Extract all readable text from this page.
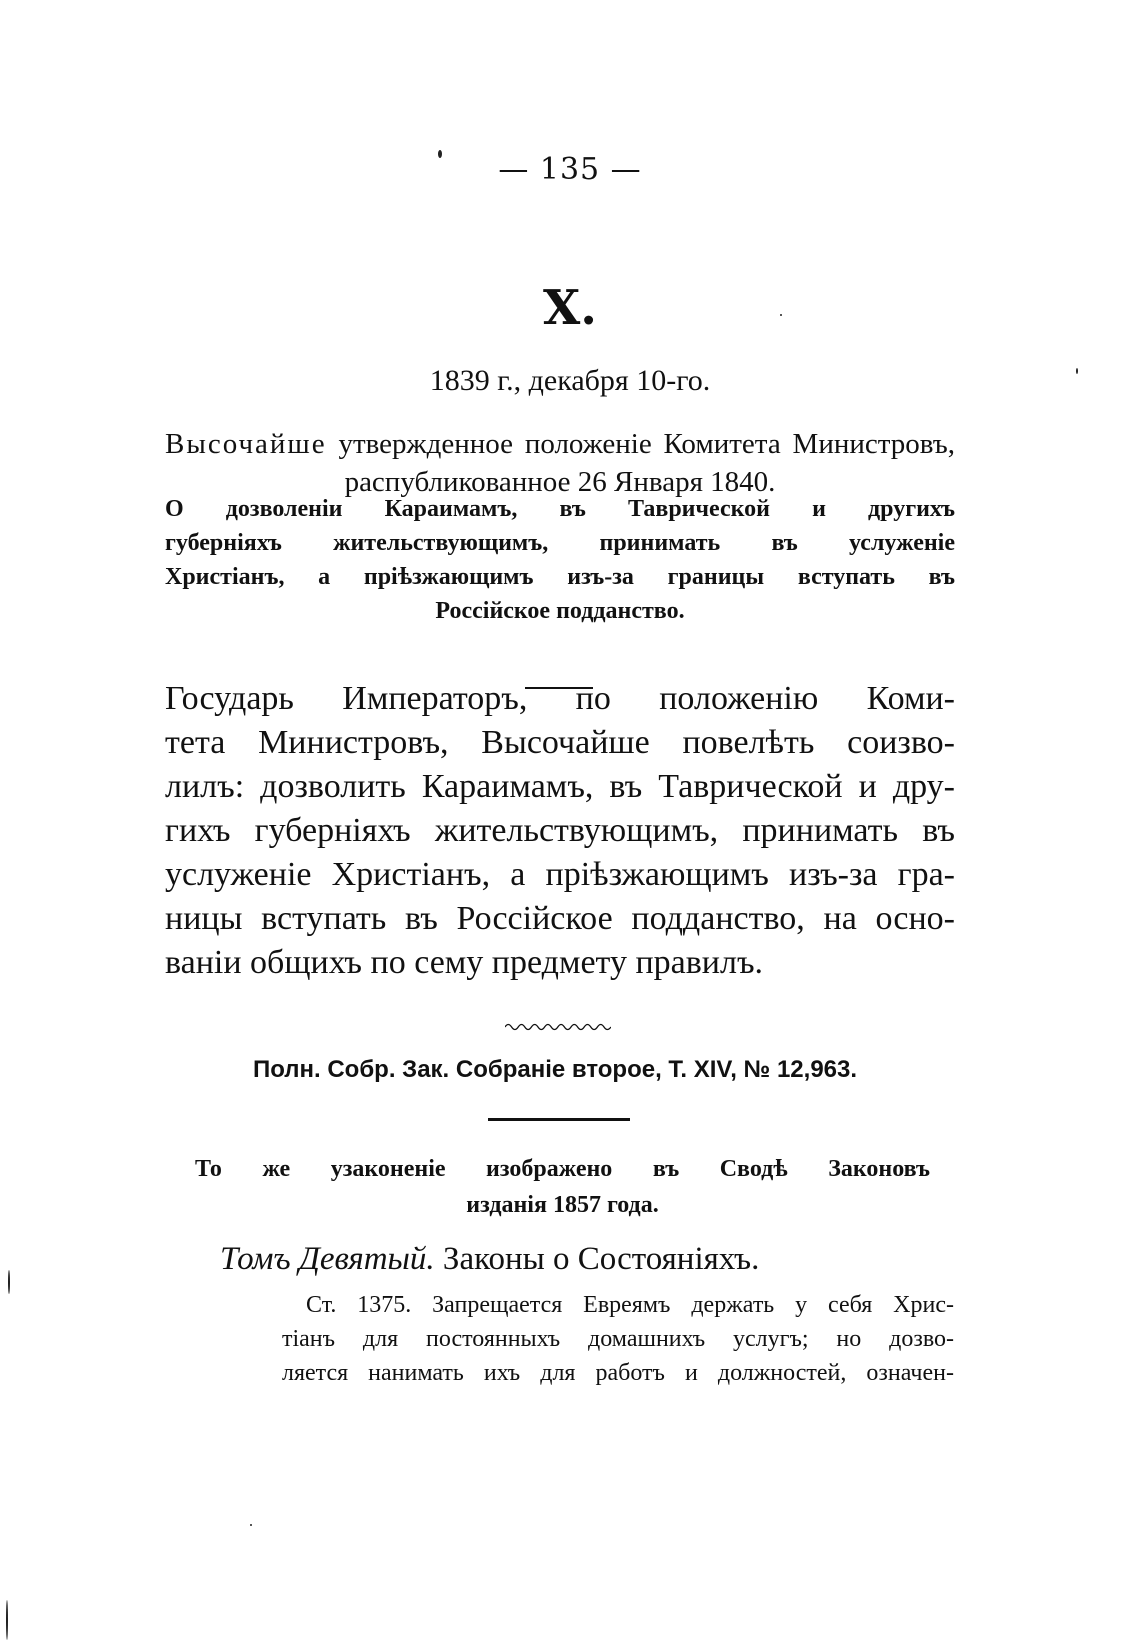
— 135 —
X.
1839 г., декабря 10-го.
Высочайше утвержденное положеніе Комитета Министровъ,
распубликованное 26 Января 1840.
О дозволеніи Караимамъ, въ Таврической и другихъ
губерніяхъ жительствующимъ, принимать въ услуженіе
Христіанъ, а пріѣзжающимъ изъ-за границы вступать въ
Россійское подданство.
Государь Императоръ, по положенію Коми-
тета Министровъ, Высочайше повелѣть соизво-
лилъ: дозволить Караимамъ, въ Таврической и дру-
гихъ губерніяхъ жительствующимъ, принимать въ
услуженіе Христіанъ, а пріѣзжающимъ изъ-за гра-
ницы вступать въ Россійское подданство, на осно-
ваніи общихъ по сему предмету правилъ.
Полн. Собр. Зак. Собраніе второе, Т. XIV, № 12,963.
То же узаконеніе изображено въ Сводѣ Законовъ
изданія 1857 года.
Томъ Девятый. Законы о Состояніяхъ.
Ст. 1375. Запрещается Евреямъ держать у себя Хрис-
тіанъ для постоянныхъ домашнихъ услугъ; но дозво-
ляется нанимать ихъ для работъ и должностей, означен-
